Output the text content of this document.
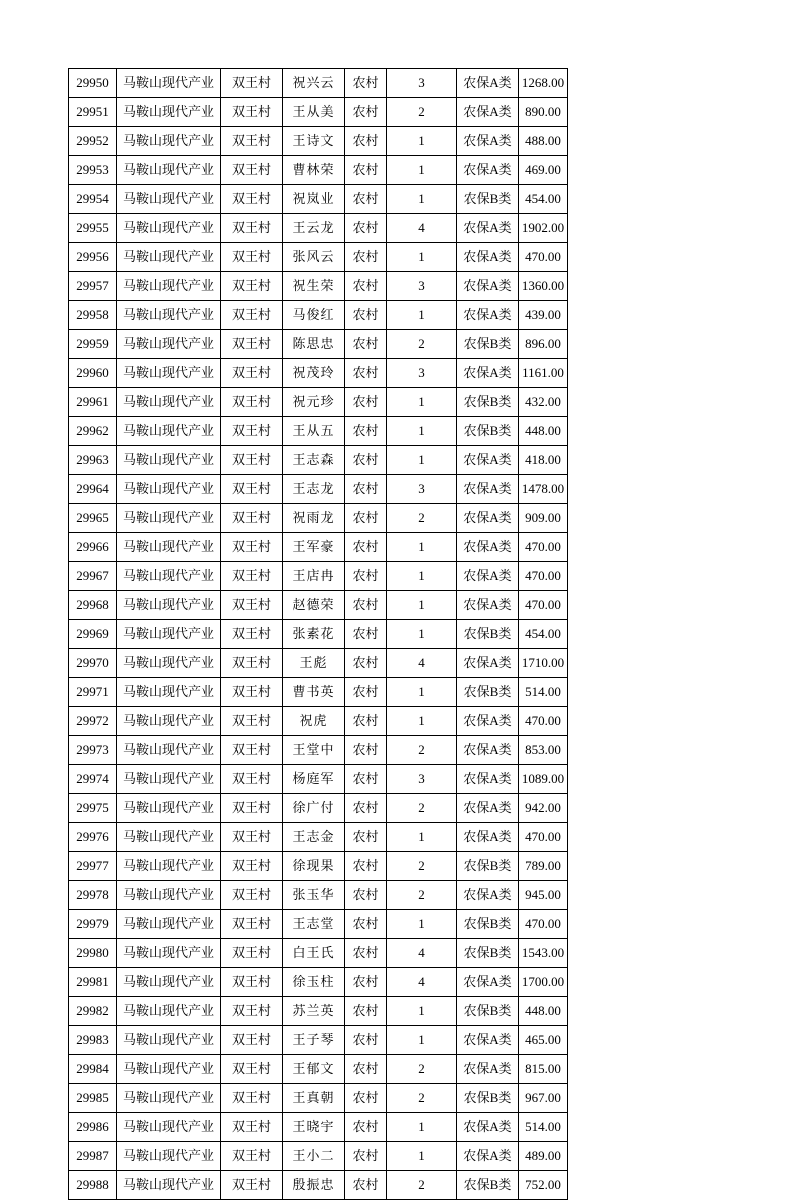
29950	马鞍山现代产业	双王村	祝兴云	农村	3	农保A类	1268.00
29951	马鞍山现代产业	双王村	王从美	农村	2	农保A类	890.00
29952	马鞍山现代产业	双王村	王诗文	农村	1	农保A类	488.00
29953	马鞍山现代产业	双王村	曹林荣	农村	1	农保A类	469.00
29954	马鞍山现代产业	双王村	祝岚业	农村	1	农保B类	454.00
29955	马鞍山现代产业	双王村	王云龙	农村	4	农保A类	1902.00
29956	马鞍山现代产业	双王村	张风云	农村	1	农保A类	470.00
29957	马鞍山现代产业	双王村	祝生荣	农村	3	农保A类	1360.00
29958	马鞍山现代产业	双王村	马俊红	农村	1	农保A类	439.00
29959	马鞍山现代产业	双王村	陈思忠	农村	2	农保B类	896.00
29960	马鞍山现代产业	双王村	祝茂玲	农村	3	农保A类	1161.00
29961	马鞍山现代产业	双王村	祝元珍	农村	1	农保B类	432.00
29962	马鞍山现代产业	双王村	王从五	农村	1	农保B类	448.00
29963	马鞍山现代产业	双王村	王志森	农村	1	农保A类	418.00
29964	马鞍山现代产业	双王村	王志龙	农村	3	农保A类	1478.00
29965	马鞍山现代产业	双王村	祝雨龙	农村	2	农保A类	909.00
29966	马鞍山现代产业	双王村	王军豪	农村	1	农保A类	470.00
29967	马鞍山现代产业	双王村	王店冉	农村	1	农保A类	470.00
29968	马鞍山现代产业	双王村	赵德荣	农村	1	农保A类	470.00
29969	马鞍山现代产业	双王村	张素花	农村	1	农保B类	454.00
29970	马鞍山现代产业	双王村	王彪	农村	4	农保A类	1710.00
29971	马鞍山现代产业	双王村	曹书英	农村	1	农保B类	514.00
29972	马鞍山现代产业	双王村	祝虎	农村	1	农保A类	470.00
29973	马鞍山现代产业	双王村	王堂中	农村	2	农保A类	853.00
29974	马鞍山现代产业	双王村	杨庭军	农村	3	农保A类	1089.00
29975	马鞍山现代产业	双王村	徐广付	农村	2	农保A类	942.00
29976	马鞍山现代产业	双王村	王志金	农村	1	农保A类	470.00
29977	马鞍山现代产业	双王村	徐现果	农村	2	农保B类	789.00
29978	马鞍山现代产业	双王村	张玉华	农村	2	农保A类	945.00
29979	马鞍山现代产业	双王村	王志堂	农村	1	农保B类	470.00
29980	马鞍山现代产业	双王村	白王氏	农村	4	农保B类	1543.00
29981	马鞍山现代产业	双王村	徐玉柱	农村	4	农保A类	1700.00
29982	马鞍山现代产业	双王村	苏兰英	农村	1	农保B类	448.00
29983	马鞍山现代产业	双王村	王子琴	农村	1	农保A类	465.00
29984	马鞍山现代产业	双王村	王郁文	农村	2	农保A类	815.00
29985	马鞍山现代产业	双王村	王真朝	农村	2	农保B类	967.00
29986	马鞍山现代产业	双王村	王晓宇	农村	1	农保A类	514.00
29987	马鞍山现代产业	双王村	王小二	农村	1	农保A类	489.00
29988	马鞍山现代产业	双王村	殷振忠	农村	2	农保B类	752.00
